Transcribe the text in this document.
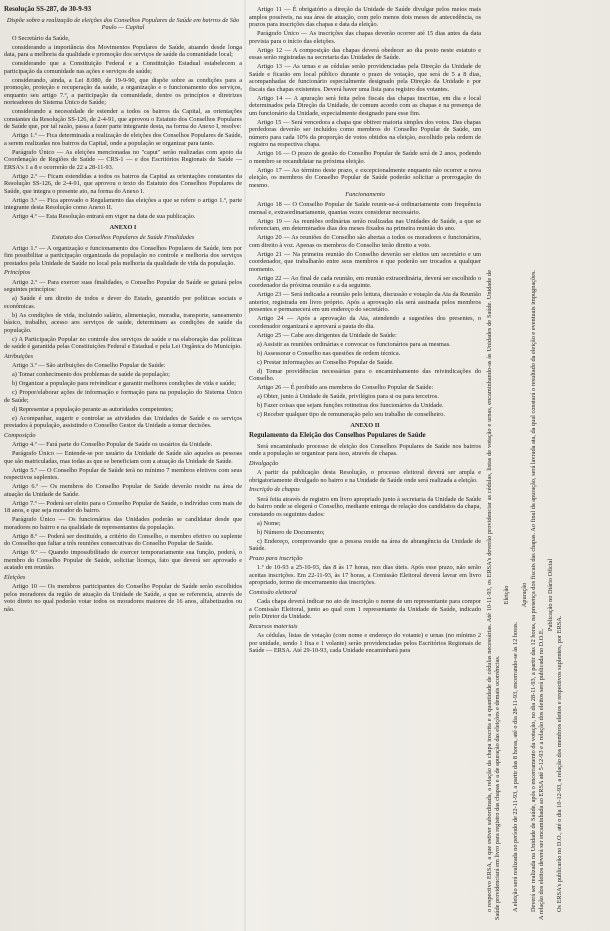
Resolução SS-287, de 30-9-93

Dispõe sobre a realização de eleições dos Conselhos Populares de Saúde em bairros de São Paulo — Capital

O Secretário da Saúde,

considerando a importância dos Movimentos Populares de Saúde, atuando desde longa data, para a melhoria da qualidade e promoção dos serviços de saúde da comunidade local;

considerando que a Constituição Federal e a Constituição Estadual estabelecem a participação da comunidade nas ações e serviços de saúde;

considerando, ainda, a Lei 8.080, de 19-9-90, que dispõe sobre as condições para a promoção, proteção e recuperação da saúde, a organização e o funcionamento dos serviços, enquanto seu artigo 7.º, a participação da comunidade, dentre os princípios e diretrizes norteadores do Sistema Único de Saúde;

considerando a necessidade de estender a todos os bairros da Capital, as orientações constantes da Resolução SS-126, de 2-4-91, que aprovou o Estatuto dos Conselhos Populares de Saúde que, por tal razão, passa a fazer parte integrante desta, na forma do Anexo I, resolve:

Artigo 1.º — Fica determinada a realização de eleições dos Conselhos Populares de Saúde, a serem realizadas nos bairros da Capital, onde a população se organizar para tanto.

Parágrafo Único — As eleições mencionadas no "caput" serão realizadas com apoio da Coordenação de Regiões de Saúde — CRS-1 — e dos Escritórios Regionais de Saúde — ERSA's 1 a 8 e ocorrerão de 22 a 28-11-93.

Artigo 2.º — Ficam estendidas a todos os bairros da Capital as orientações constantes da Resolução SS-126, de 2-4-91, que aprovou o texto do Estatuto dos Conselhos Populares de Saúde, que integra o presente ato, na forma do Anexo I.

Artigo 3.º — Fica aprovado o Regulamento das eleições a que se refere o artigo 1.º, parte integrante desta Resolução como Anexo II.

Artigo 4.º — Esta Resolução entrará em vigor na data de sua publicação.

ANEXO I

Estatuto dos Conselhos Populares de Saúde Finalidades

Artigo 1.º — A organização e funcionamento dos Conselhos Populares de Saúde, tem por fim possibilitar a participação organizada da população no controle e melhoria dos serviços prestados pela Unidade de Saúde no local pela melhoria da qualidade de vida da população.

Princípios

Artigo 2.º — Para exercer suas finalidades, o Conselho Popular de Saúde se guiará pelos seguintes princípios:

a) Saúde é um direito de todos e dever do Estado, garantido por políticas sociais e econômicas.

b) As condições de vida, incluindo salário, alimentação, moradia, transporte, saneamento básico, trabalho, acesso aos serviços de saúde, determinam as condições de saúde da população.

c) A Participação Popular no controle dos serviços de saúde e na elaboração das políticas de saúde é garantida pelas Constituições Federal e Estadual e pela Lei Orgânica do Município.

Atribuições

Artigo 3.º — São atribuições do Conselho Popular de Saúde:

a) Tomar conhecimento dos problemas de saúde da população;

b) Organizar a população para reivindicar e garantir melhores condições de vida e saúde;

c) Propor/elaborar ações de informação e formação para na população do Sistema Único de Saúde;

d) Representar a população perante as autoridades competentes;

e) Acompanhar, sugerir e controlar as atividades das Unidades de Saúde e os serviços prestados à população, assistindo o Conselho Gestor da Unidade a tomar decisões.

Composição

Artigo 4.º — Fará parte do Conselho Popular de Saúde os usuários da Unidade.

Parágrafo Único — Entende-se por usuário da Unidade de Saúde são aqueles as pessoas que são matriculadas, mas todas as que se beneficiam com a atuação da Unidade de Saúde.

Artigo 5.º — O Conselho Popular de Saúde terá no mínimo 7 membros efetivos com seus respectivos suplentes.

Artigo 6.º — Os membros do Conselho Popular de Saúde deverão residir na área de atuação da Unidade de Saúde.

Artigo 7.º — Poderá ser eleito para o Conselho Popular de Saúde, o indivíduo com mais de 18 anos, e que seja morador do bairro.

Parágrafo Único — Os funcionários das Unidades poderão se candidatar desde que moradores no bairro e na qualidade de representantes da população.

Artigo 8.º — Poderá ser destituído, a critério do Conselho, o membro efetivo ou suplente do Conselho que faltar a três reuniões consecutivas do Conselho Popular de Saúde.

Artigo 9.º — Quando impossibilitado de exercer temporariamente sua função, poderá, o membro do Conselho Popular de Saúde, solicitar licença, fato que deverá ser aprovado e acatado em reunião.

Eleições

Artigo 10 — Os membros participantes do Conselho Popular de Saúde serão escolhidos pelos moradores da região de atuação da Unidade de Saúde, a que se referencia, através de voto direto no qual poderão votar todos os moradores maiores de 16 anos, alfabetizados ou não.

Artigo 11 — É obrigatório a direção da Unidade de Saúde divulgar pelos meios mais amplos possíveis, na sua área de atuação, com pelo menos dois meses de antecedência, os prazos para inscrições das chapas e data da eleição.

Parágrafo Único — As inscrições das chapas deverão ocorrer até 15 dias antes da data prevista para o início das eleições.

Artigo 12 — A composição das chapas deverá obedecer ao dia posto neste estatuto e essas serão registradas na secretaria das Unidades de Saúde.

Artigo 13 — As urnas e as cédulas serão providenciadas pela Direção da Unidade de Saúde e ficarão em local público durante o prazo de votação, que será de 5 a 8 dias, acompanhadas de funcionário especialmente designado pela Direção da Unidade e por fiscais das chapas existentes. Deverá haver uma lista para registro dos votantes.

Artigo 14 — A apuração será feita pelos fiscais das chapas inscritas, em dia e local determinados pela Direção da Unidade, de comum acordo com as chapas e na presença de um funcionário da Unidade, especialmente designado para esse fim.

Artigo 15 — Será vencedora a chapa que obtiver maioria simples dos votos. Das chapas perdedoras deverão ser incluídos como membros do Conselho Popular de Saúde, um número para cada 10% da proporção de votos obtidos na eleição, escolhido pela ordem de registro na respectiva chapa.

Artigo 16 — O prazo de gestão do Conselho Popular de Saúde será de 2 anos, podendo o membro se recandidatar na próxima eleição.

Artigo 17 — Ao término deste prazo, e excepcionalmente enquanto não ocorrer a nova eleição, os membros do Conselho Popular de Saúde poderão solicitar a prorrogação do mesmo.

Funcionamento

Artigo 18 — O Conselho Popular de Saúde reunir-se-á ordinariamente com frequência mensal e, extraordinariamente, quantas vezes considerar necessário.

Artigo 19 — As reuniões ordinárias serão realizadas nas Unidades de Saúde, a que se referenciam, em determinados dias dos meses fixados na primeira reunião do ano.

Artigo 20 — As reuniões do Conselho são abertas a todos os moradores e funcionários, com direito à voz. Apenas os membros do Conselho terão direito a voto.

Artigo 21 — Na primeira reunião do Conselho deverão ser eleitos um secretário e um coordenador, que trabalharão entre seus membros e que poderão ser trocados a qualquer momento.

Artigo 22 — Ao final de cada reunião, em reunião extraordinária, deverá ser escolhido o coordenador da próxima reunião e a da seguinte.

Artigo 23 — Será indicada a reunião pelo leitura, discussão e votação da Ata da Reunião anterior, registrada em livro próprio. Após a aprovação ela será assinada pelos membros presentes e permanecerá em um endereço do secretário.

Artigo 24 — Após a aprovação da Ata, atendendo a sugestões dos presentes, o coordenador organizará e aprovará a pauta do dia.

Artigo 25 — Cabe aos dirigentes da Unidade de Saúde:

a) Assistir as reuniões ordinárias e convocar os funcionários para as mesmas.

b) Assessorar o Conselho nas questões de ordem técnica.

c) Prestar informações ao Conselho Popular de Saúde.

d) Tomar providências necessárias para o encaminhamento das reivindicações do Conselho.

Artigo 26 — É proibido aos membros do Conselho Popular de Saúde:

a) Obter, junto à Unidade de Saúde, privilégios para si ou para terceiros.

b) Fazer coisas que sejam funções rotineiras dos funcionários da Unidade.

c) Receber qualquer tipo de remuneração pelo seu trabalho de conselheiro.

ANEXO II

Regulamento da Eleição dos Conselhos Populares de Saúde

Será encaminhado processo de eleição dos Conselhos Populares de Saúde nos bairros onde a população se organizar para isso, através de chapas.

Divulgação

A partir da publicação desta Resolução, o processo eleitoral deverá ser ampla e obrigatoriamente divulgado no bairro e na Unidade de Saúde onde será realizada a eleição.

Inscrição de chapas

Será feita através de registro em livro apropriado junto à secretaria da Unidade de Saúde do bairro onde se elegerá o Conselho, mediante entrega de relação dos candidatos da chapa, constando os seguintes dados:

a) Nome;

b) Número de Documento;

c) Endereço, comprovando que a pessoa reside na área de abrangência da Unidade de Saúde.

Prazo para inscrição

1.º de 10-93 a 25-10-93, das 8 às 17 horas, nos dias úteis. Após esse prazo, não serão aceitas inscrições. Em 22-11-93, às 17 horas, a Comissão Eleitoral deverá lavrar em livro apropriado, termo de encerramento das inscrições.

Comissão eleitoral

Cada chapa deverá indicar no ato de inscrição o nome de um representante para compor a Comissão Eleitoral, junto ao qual com 1 representante da Unidade de Saúde, indicado pelo Diretor da Unidade.

Recursos materiais

As cédulas, listas de votação (com nome e endereço do votante) e urnas (no mínimo 2 por unidade, sendo 1 fixa e 1 volante) serão providenciadas pelos Escritórios Regionais de Saúde — ERSA. Até 29-10-93, cada Unidade encaminhará para	o respectivo ERSA, a que estiver subordinada, a relação da chapa inscrita e a quantidade de cédulas necessárias. Até 10-11-93, os ERSA's deverão providenciar as cédulas, listas de votação e urnas, encaminhando-as às Unidades de Saúde. Unidade de Saúde providenciará em livro para registro das chapas e a de apuração das eleições e demais ocorrências.

Eleição

A eleição será realizada no período de 22-11-93, a partir das 8 horas, até o dia 28-11-93, encerrando-se às 12 horas.

Apuração Deverá ser realizada na Unidade de Saúde, após o encerramento da votação, no dia 28-11-93, a partir das 12 horas, na presença dos fiscais das chapas. Ao final da apuração, será lavrada ata, da qual constará o resultado da eleição e eventuais impugnações. A relação dos eleitos deverá ser encaminhada ao ERSA até 5-12-93 e a relação dos eleitos será publicada no D.O.E.

Publicação no Diário Oficial

Os ERSA's publicarão no D.O., até o dia 10-12-93, a relação dos membros eleitos e respectivos suplentes, por ERSA.
